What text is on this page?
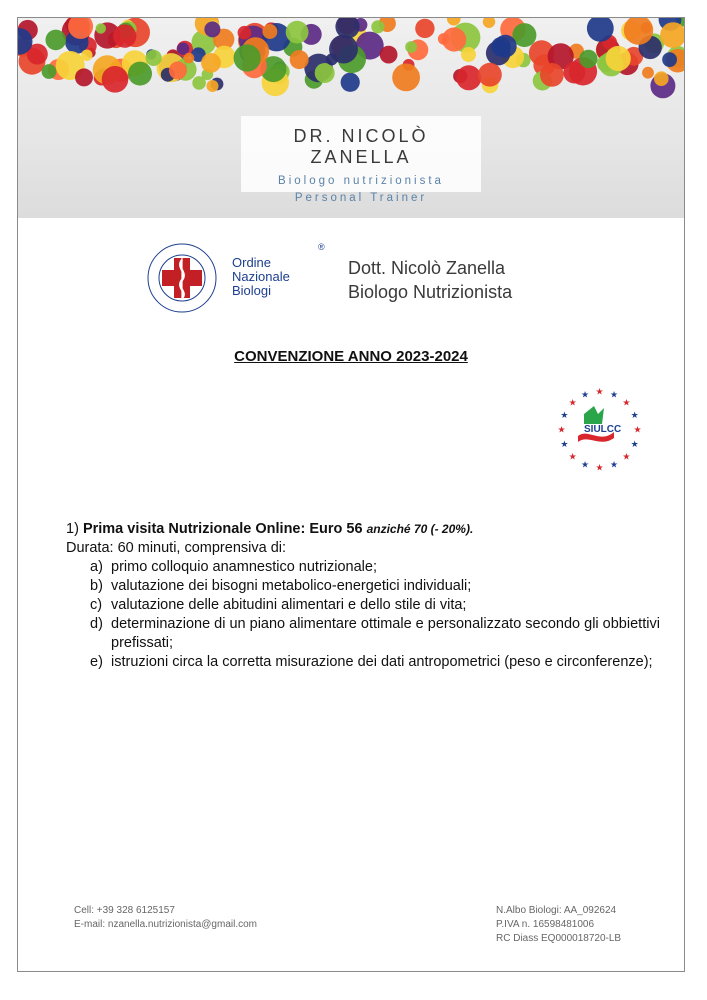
DR. NICOLÒ ZANELLA
Biologo nutrizionista
Personal Trainer
Ordine
Nazionale
Biologi
®
Dott. Nicolò Zanella
Biologo Nutrizionista
CONVENZIONE ANNO 2023-2024
★ ★
★
★
★
★
★
★
★
★
★
★
★
★
★
★
SIULCC

1) Prima visita Nutrizionale Online: Euro 56 anziché 70 (- 20%).

Durata: 60 minuti, comprensiva di:

a) primo colloquio anamnestico nutrizionale;
b) valutazione dei bisogni metabolico-energetici individuali;
c) valutazione delle abitudini alimentari e dello stile di vita;
d) determinazione di un piano alimentare ottimale e personalizzato secondo gli obbiettivi prefissati;
e) istruzioni circa la corretta misurazione dei dati antropometrici (peso e circonferenze);
Cell: +39 328 6125157
E-mail: nzanella.nutrizionista@gmail.com
N.Albo Biologi: AA_092624
P.IVA n. 16598481006
RC Diass EQ000018720-LB
